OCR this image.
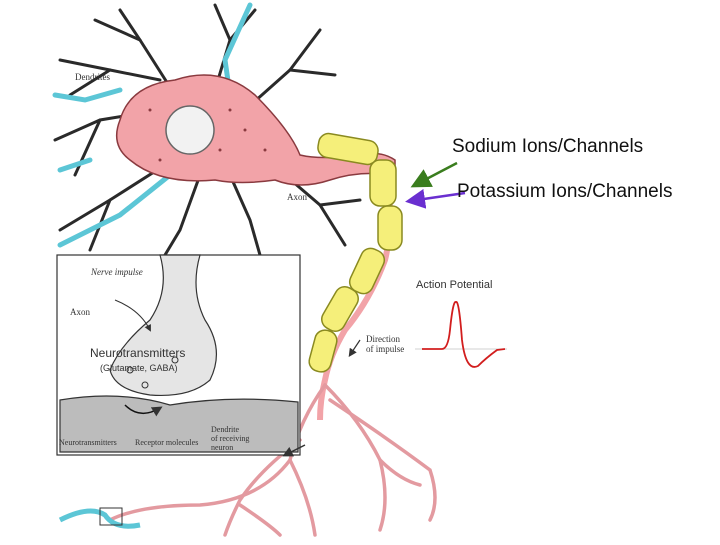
Sodium Ions/Channels
Potassium Ions/Channels
Action Potential
Neurotransmitters
(Glutamate, GABA)
Dendrites
Axon
Axon
Nerve impulse
Direction
of impulse
Neurotransmitters Receptor molecules
Dendrite
of receiving
neuron
